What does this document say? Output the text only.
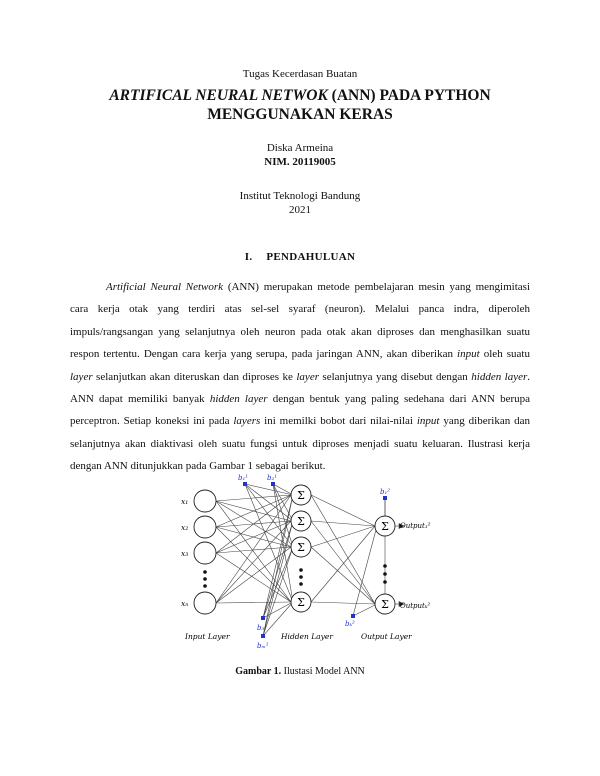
Tugas Kecerdasan Buatan
ARTIFICAL NEURAL NETWOK (ANN) PADA PYTHON
MENGGUNAKAN KERAS
Diska Armeina
NIM. 20119005
Institut Teknologi Bandung
2021
I. PENDAHULUAN
Artificial Neural Network (ANN) merupakan metode pembelajaran mesin yang mengimitasi cara kerja otak yang terdiri atas sel-sel syaraf (neuron). Melalui panca indra, diperoleh impuls/rangsangan yang selanjutnya oleh neuron pada otak akan diproses dan menghasilkan suatu respon tertentu. Dengan cara kerja yang serupa, pada jaringan ANN, akan diberikan input oleh suatu layer selanjutkan akan diteruskan dan diproses ke layer selanjutnya yang disebut dengan hidden layer. ANN dapat memiliki banyak hidden layer dengan bentuk yang paling sedehana dari ANN berupa perceptron. Setiap koneksi ini pada layers ini memilki bobot dari nilai-nilai input yang diberikan dan selanjutnya akan diaktivasi oleh suatu fungsi untuk diproses menjadi suatu keluaran. Ilustrasi kerja dengan ANN ditunjukkan pada Gambar 1 sebagai berikut.
Σ
Σ
Σ
Σ
Σ
Σ
x₁
x₂
x₃
xₙ
b₁¹	b₂¹
b₃¹
bₘ¹
b₁²
bₖ²
Output₁²
Outputₖ²
Input Layer	Hidden Layer	Output Layer
Gambar 1. Ilustasi Model ANN
